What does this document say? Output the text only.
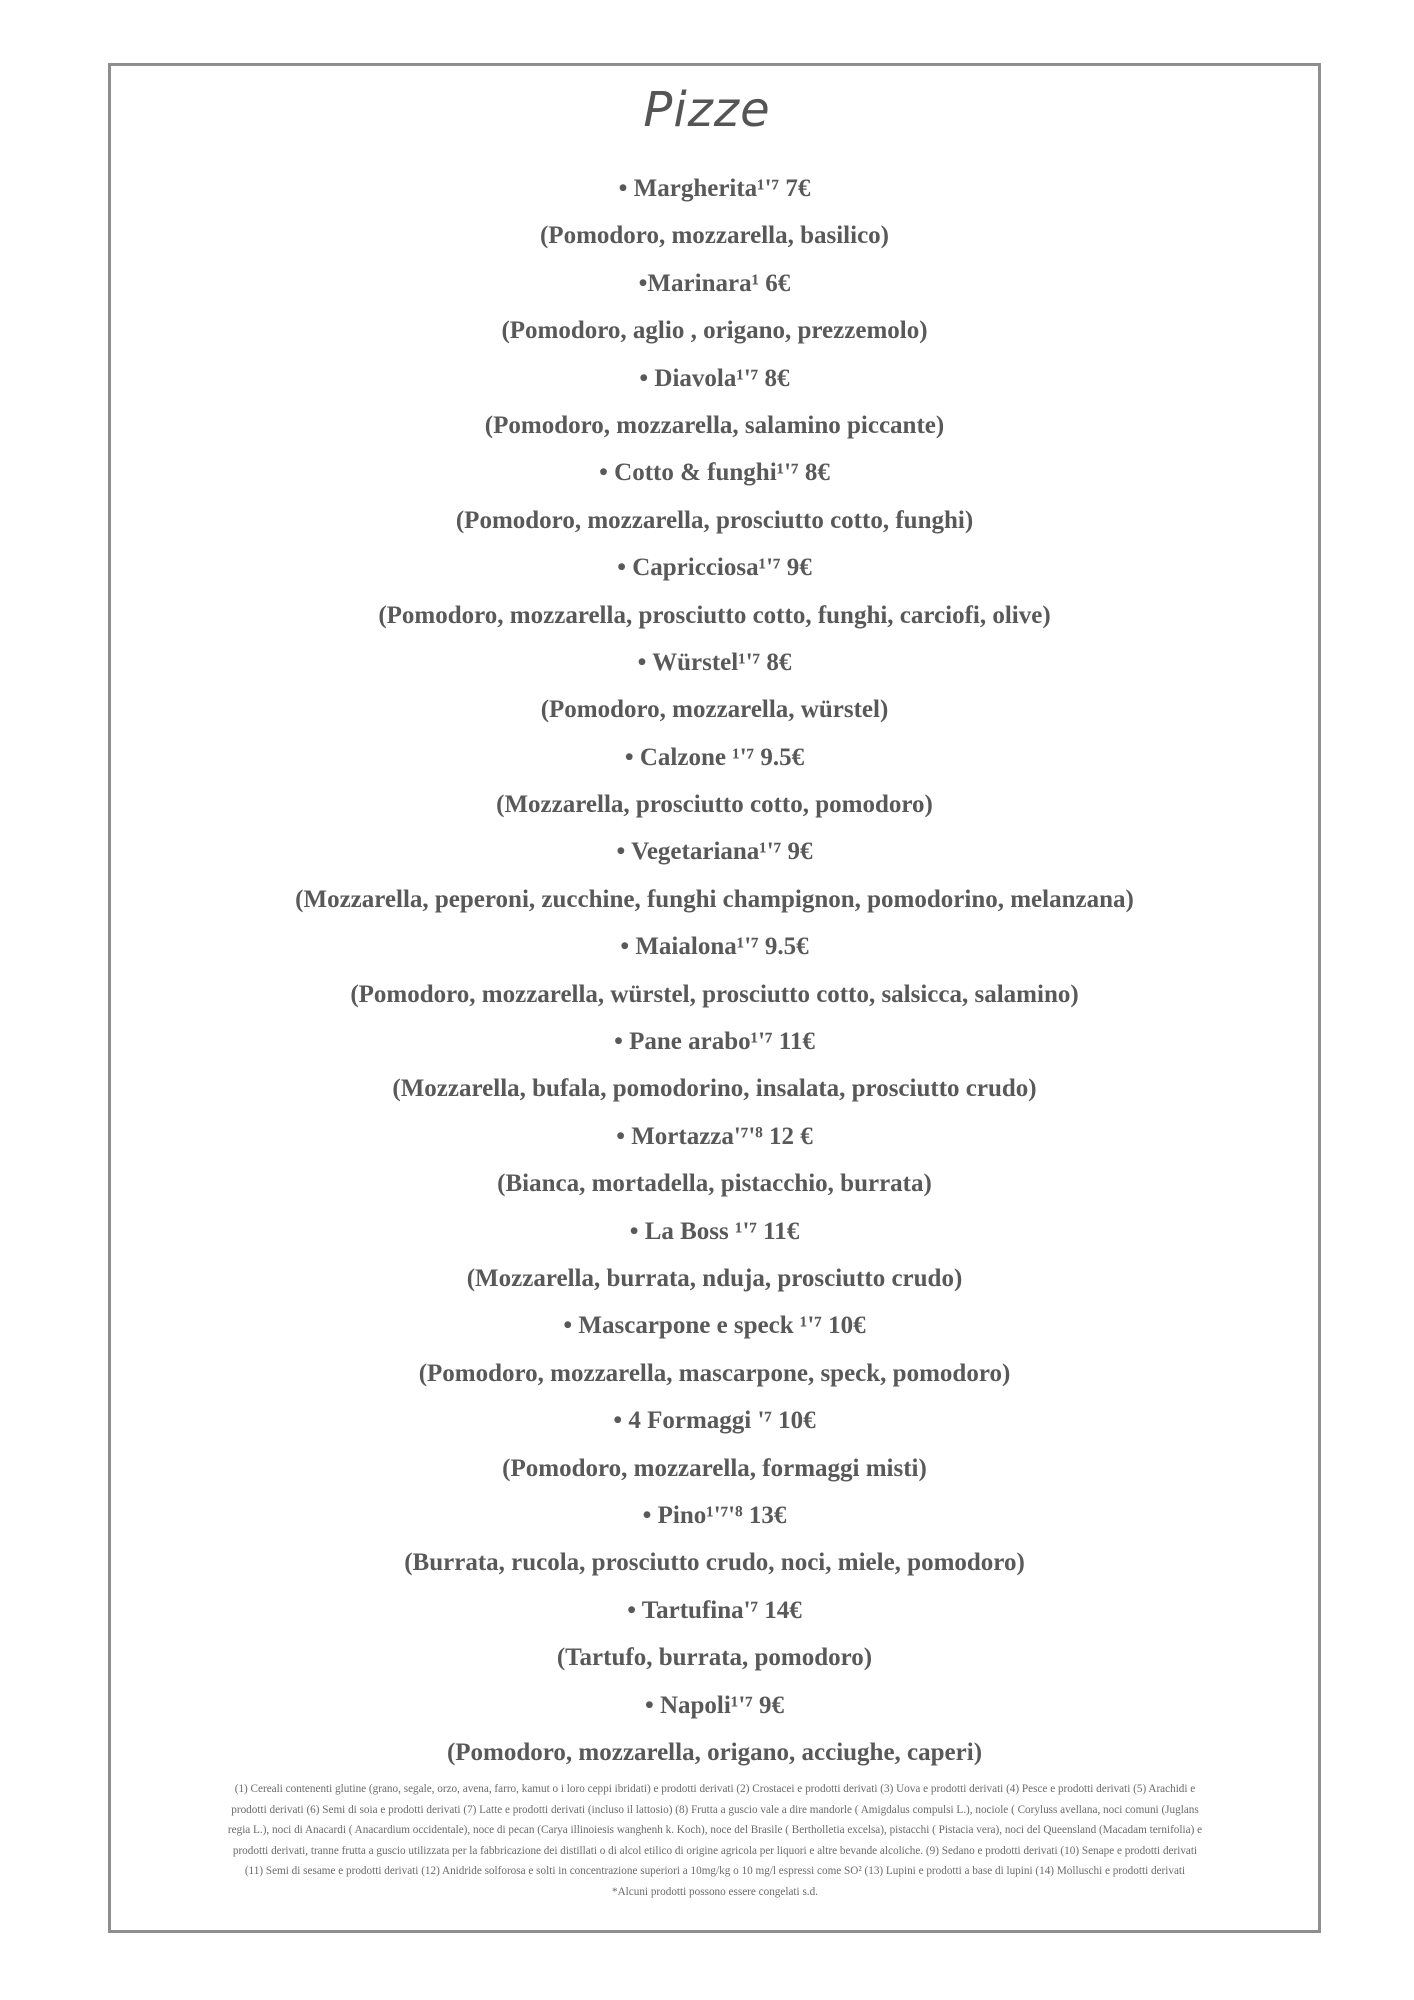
Pizze
• Margherita¹'⁷ 7€
(Pomodoro, mozzarella, basilico)
•Marinara¹ 6€
(Pomodoro, aglio , origano, prezzemolo)
• Diavola¹'⁷ 8€
(Pomodoro, mozzarella, salamino piccante)
• Cotto & funghi¹'⁷ 8€
(Pomodoro, mozzarella, prosciutto cotto, funghi)
• Capricciosa¹'⁷ 9€
(Pomodoro, mozzarella, prosciutto cotto, funghi, carciofi, olive)
• Würstel¹'⁷ 8€
(Pomodoro, mozzarella, würstel)
• Calzone ¹'⁷ 9.5€
(Mozzarella, prosciutto cotto, pomodoro)
• Vegetariana¹'⁷ 9€
(Mozzarella, peperoni, zucchine, funghi champignon, pomodorino, melanzana)
• Maialona¹'⁷ 9.5€
(Pomodoro, mozzarella, würstel, prosciutto cotto, salsicca, salamino)
• Pane arabo¹'⁷ 11€
(Mozzarella, bufala, pomodorino, insalata, prosciutto crudo)
• Mortazza'⁷'⁸ 12 €
(Bianca, mortadella, pistacchio, burrata)
• La Boss ¹'⁷ 11€
(Mozzarella, burrata, nduja, prosciutto crudo)
• Mascarpone e speck ¹'⁷ 10€
(Pomodoro, mozzarella, mascarpone, speck, pomodoro)
• 4 Formaggi '⁷ 10€
(Pomodoro, mozzarella, formaggi misti)
• Pino¹'⁷'⁸ 13€
(Burrata, rucola, prosciutto crudo, noci, miele, pomodoro)
• Tartufina'⁷ 14€
(Tartufo, burrata, pomodoro)
• Napoli¹'⁷ 9€
(Pomodoro, mozzarella, origano, acciughe, caperi)

(1) Cereali contenenti glutine (grano, segale, orzo, avena, farro, kamut o i loro ceppi ibridati) e prodotti derivati (2) Crostacei e prodotti derivati (3) Uova e prodotti derivati (4) Pesce e prodotti derivati (5) Arachidi e prodotti derivati (6) Semi di soia e prodotti derivati (7) Latte e prodotti derivati (incluso il lattosio) (8) Frutta a guscio vale a dire mandorle ( Amigdalus compulsi L.), nociole ( Coryluss avellana, noci comuni (Juglans regia L.), noci di Anacardi ( Anacardium occidentale), noce di pecan (Carya illinoiesis wanghenh k. Koch), noce del Brasile ( Bertholletia excelsa), pistacchi ( Pistacia vera), noci del Queensland (Macadam ternifolia) e prodotti derivati, tranne frutta a guscio utilizzata per la fabbricazione dei distillati o di alcol etilico di origine agricola per liquori e altre bevande alcoliche. (9) Sedano e prodotti derivati (10) Senape e prodotti derivati (11) Semi di sesame e prodotti derivati (12) Anidride solforosa e solti in concentrazione superiori a 10mg/kg o 10 mg/l espressi come SO² (13) Lupini e prodotti a base di lupini (14) Molluschi e prodotti derivati

*Alcuni prodotti possono essere congelati s.d.
